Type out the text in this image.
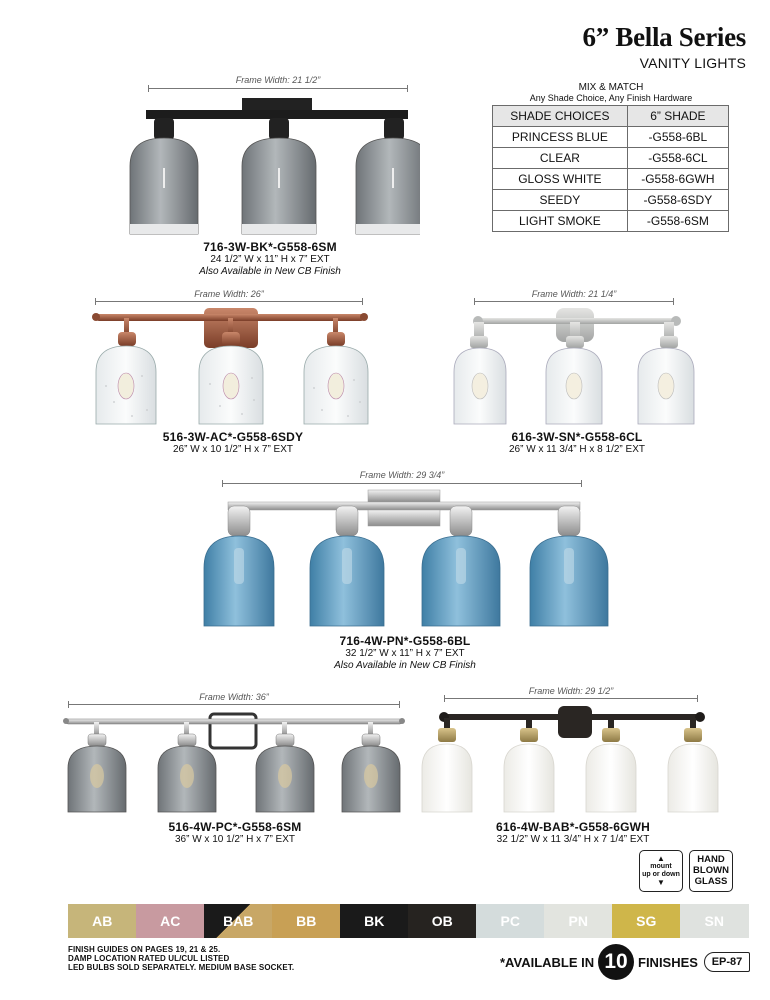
6” Bella Series
VANITY LIGHTS
MIX & MATCH
Any Shade Choice, Any Finish Hardware
SHADE CHOICES	6” SHADE
PRINCESS BLUE	-G558-6BL
CLEAR	-G558-6CL
GLOSS WHITE	-G558-6GWH
SEEDY	-G558-6SDY
LIGHT SMOKE	-G558-6SM
Frame Width: 21 1/2”
716-3W-BK*-G558-6SM
24 1/2” W x 11” H x 7” EXT
Also Available in New CB Finish
Frame Width: 26”
516-3W-AC*-G558-6SDY
26” W x 10 1/2” H x 7” EXT
Frame Width: 21 1/4”
616-3W-SN*-G558-6CL
26” W x 11 3/4” H x 8 1/2” EXT
Frame Width: 29 3/4”
716-4W-PN*-G558-6BL
32 1/2” W x 11” H x 7” EXT
Also Available in New CB Finish
Frame Width: 36”
516-4W-PC*-G558-6SM
36” W x 10 1/2” H x 7” EXT
Frame Width: 29 1/2”
616-4W-BAB*-G558-6GWH
32 1/2” W x 11 3/4” H x 7 1/4” EXT
▲
mount
up or down
▼
HAND
BLOWN
GLASS
AB	AC	BAB	BB	BK	OB	PC	PN	SG	SN
FINISH GUIDES ON PAGES 19, 21 & 25.
DAMP LOCATION RATED UL/CUL LISTED
LED BULBS SOLD SEPARATELY. MEDIUM BASE SOCKET.	*AVAILABLE IN 10 FINISHES	EP-87
